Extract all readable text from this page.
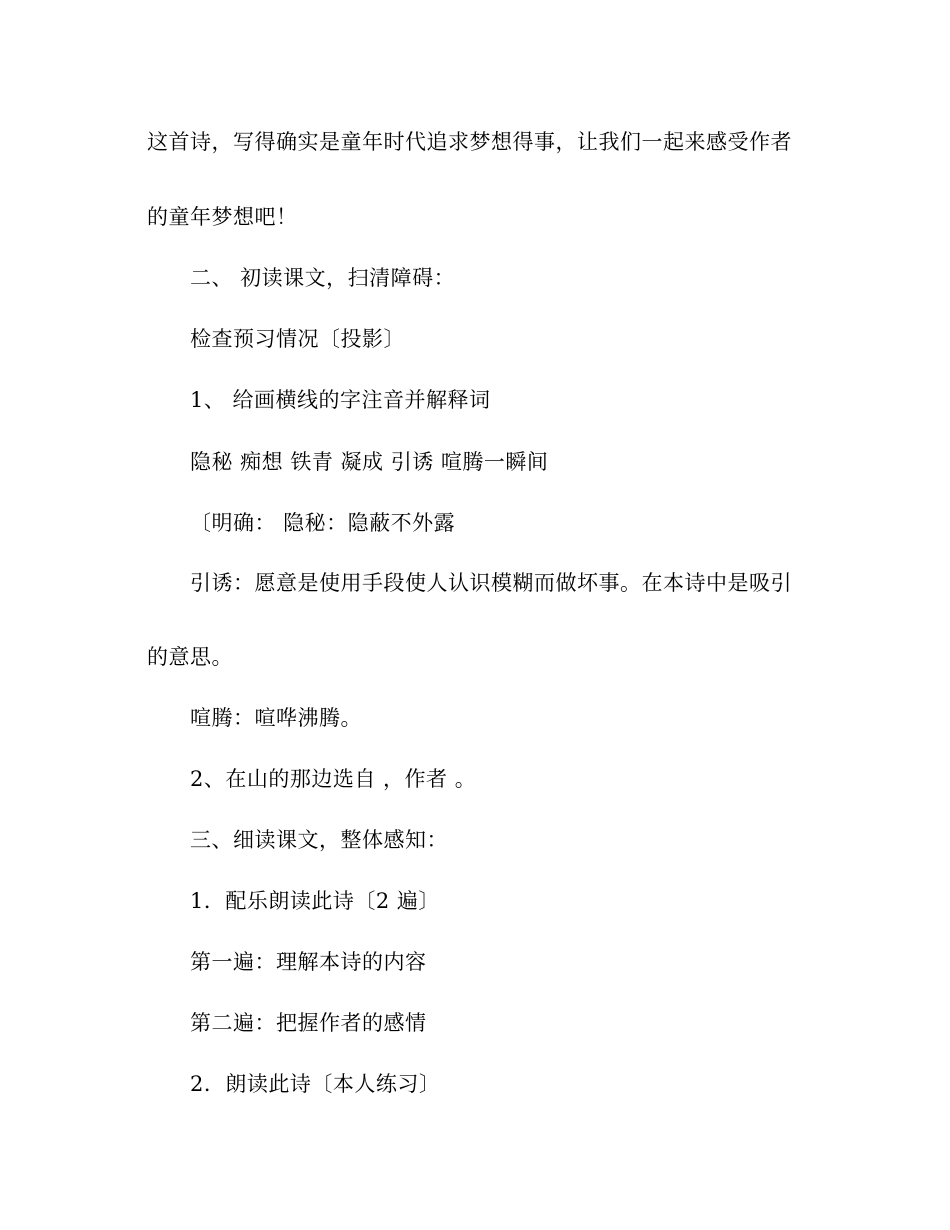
这首诗，写得确实是童年时代追求梦想得事，让我们一起来感受作者
的童年梦想吧！
二、 初读课文，扫清障碍：
检查预习情况〔投影〕
1、 给画横线的字注音并解释词
隐秘 痴想 铁青 凝成 引诱 喧腾一瞬间
〔明确： 隐秘：隐蔽不外露
引诱：愿意是使用手段使人认识模糊而做坏事。在本诗中是吸引
的意思。
喧腾：喧哗沸腾。
2、在山的那边选自 ，作者 。
三、细读课文，整体感知：
1．配乐朗读此诗〔2 遍〕
第一遍：理解本诗的内容
第二遍：把握作者的感情
2．朗读此诗〔本人练习〕
